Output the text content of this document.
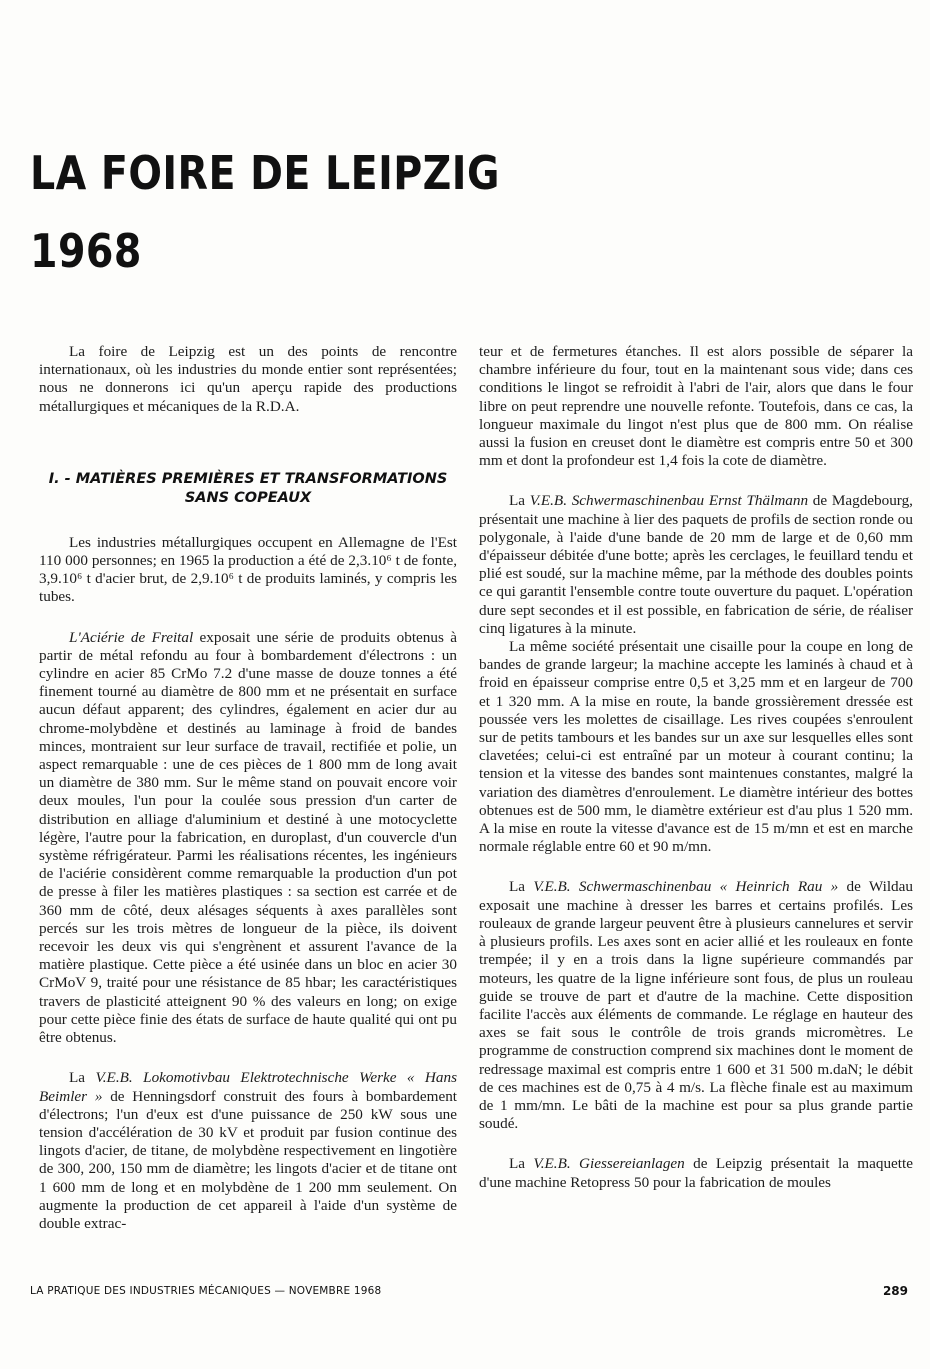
LA FOIRE DE LEIPZIG
1968

La foire de Leipzig est un des points de rencontre internationaux, où les industries du monde entier sont représentées; nous ne donnerons ici qu'un aperçu rapide des productions métallurgiques et mécaniques de la R.D.A.

I. - MATIÈRES PREMIÈRES ET TRANSFORMATIONS
SANS COPEAUX

Les industries métallurgiques occupent en Allemagne de l'Est 110 000 personnes; en 1965 la production a été de 2,3.10⁶ t de fonte, 3,9.10⁶ t d'acier brut, de 2,9.10⁶ t de produits laminés, y compris les tubes.

L'Aciérie de Freital exposait une série de produits obtenus à partir de métal refondu au four à bombardement d'électrons : un cylindre en acier 85 CrMo 7.2 d'une masse de douze tonnes a été finement tourné au diamètre de 800 mm et ne présentait en surface aucun défaut apparent; des cylindres, également en acier dur au chrome-molybdène et destinés au laminage à froid de bandes minces, montraient sur leur surface de travail, rectifiée et polie, un aspect remarquable : une de ces pièces de 1 800 mm de long avait un diamètre de 380 mm. Sur le même stand on pouvait encore voir deux moules, l'un pour la coulée sous pression d'un carter de distribution en alliage d'aluminium et destiné à une motocyclette légère, l'autre pour la fabrication, en duroplast, d'un couvercle d'un système réfrigérateur. Parmi les réalisations récentes, les ingénieurs de l'aciérie considèrent comme remarquable la production d'un pot de presse à filer les matières plastiques : sa section est carrée et de 360 mm de côté, deux alésages séquents à axes parallèles sont percés sur les trois mètres de longueur de la pièce, ils doivent recevoir les deux vis qui s'engrènent et assurent l'avance de la matière plastique. Cette pièce a été usinée dans un bloc en acier 30 CrMoV 9, traité pour une résistance de 85 hbar; les caractéristiques travers de plasticité atteignent 90 % des valeurs en long; on exige pour cette pièce finie des états de surface de haute qualité qui ont pu être obtenus.

La V.E.B. Lokomotivbau Elektrotechnische Werke « Hans Beimler » de Henningsdorf construit des fours à bombardement d'électrons; l'un d'eux est d'une puissance de 250 kW sous une tension d'accélération de 30 kV et produit par fusion continue des lingots d'acier, de titane, de molybdène respectivement en lingotière de 300, 200, 150 mm de diamètre; les lingots d'acier et de titane ont 1 600 mm de long et en molybdène de 1 200 mm seulement. On augmente la production de cet appareil à l'aide d'un système de double extrac-

teur et de fermetures étanches. Il est alors possible de séparer la chambre inférieure du four, tout en la maintenant sous vide; dans ces conditions le lingot se refroidit à l'abri de l'air, alors que dans le four libre on peut reprendre une nouvelle refonte. Toutefois, dans ce cas, la longueur maximale du lingot n'est plus que de 800 mm. On réalise aussi la fusion en creuset dont le diamètre est compris entre 50 et 300 mm et dont la profondeur est 1,4 fois la cote de diamètre.

La V.E.B. Schwermaschinenbau Ernst Thälmann de Magdebourg, présentait une machine à lier des paquets de profils de section ronde ou polygonale, à l'aide d'une bande de 20 mm de large et de 0,60 mm d'épaisseur débitée d'une botte; après les cerclages, le feuillard tendu et plié est soudé, sur la machine même, par la méthode des doubles points ce qui garantit l'ensemble contre toute ouverture du paquet. L'opération dure sept secondes et il est possible, en fabrication de série, de réaliser cinq ligatures à la minute.

La même société présentait une cisaille pour la coupe en long de bandes de grande largeur; la machine accepte les laminés à chaud et à froid en épaisseur comprise entre 0,5 et 3,25 mm et en largeur de 700 et 1 320 mm. A la mise en route, la bande grossièrement dressée est poussée vers les molettes de cisaillage. Les rives coupées s'enroulent sur de petits tambours et les bandes sur un axe sur lesquelles elles sont clavetées; celui-ci est entraîné par un moteur à courant continu; la tension et la vitesse des bandes sont maintenues constantes, malgré la variation des diamètres d'enroulement. Le diamètre intérieur des bottes obtenues est de 500 mm, le diamètre extérieur est d'au plus 1 520 mm. A la mise en route la vitesse d'avance est de 15 m/mn et est en marche normale réglable entre 60 et 90 m/mn.

La V.E.B. Schwermaschinenbau « Heinrich Rau » de Wildau exposait une machine à dresser les barres et certains profilés. Les rouleaux de grande largeur peuvent être à plusieurs cannelures et servir à plusieurs profils. Les axes sont en acier allié et les rouleaux en fonte trempée; il y en a trois dans la ligne supérieure commandés par moteurs, les quatre de la ligne inférieure sont fous, de plus un rouleau guide se trouve de part et d'autre de la machine. Cette disposition facilite l'accès aux éléments de commande. Le réglage en hauteur des axes se fait sous le contrôle de trois grands micromètres. Le programme de construction comprend six machines dont le moment de redressage maximal est compris entre 1 600 et 31 500 m.daN; le débit de ces machines est de 0,75 à 4 m/s. La flèche finale est au maximum de 1 mm/mn. Le bâti de la machine est pour sa plus grande partie soudé.

La V.E.B. Giessereianlagen de Leipzig présentait la maquette d'une machine Retopress 50 pour la fabrication de moules

LA PRATIQUE DES INDUSTRIES MÉCANIQUES — NOVEMBRE 1968	289
